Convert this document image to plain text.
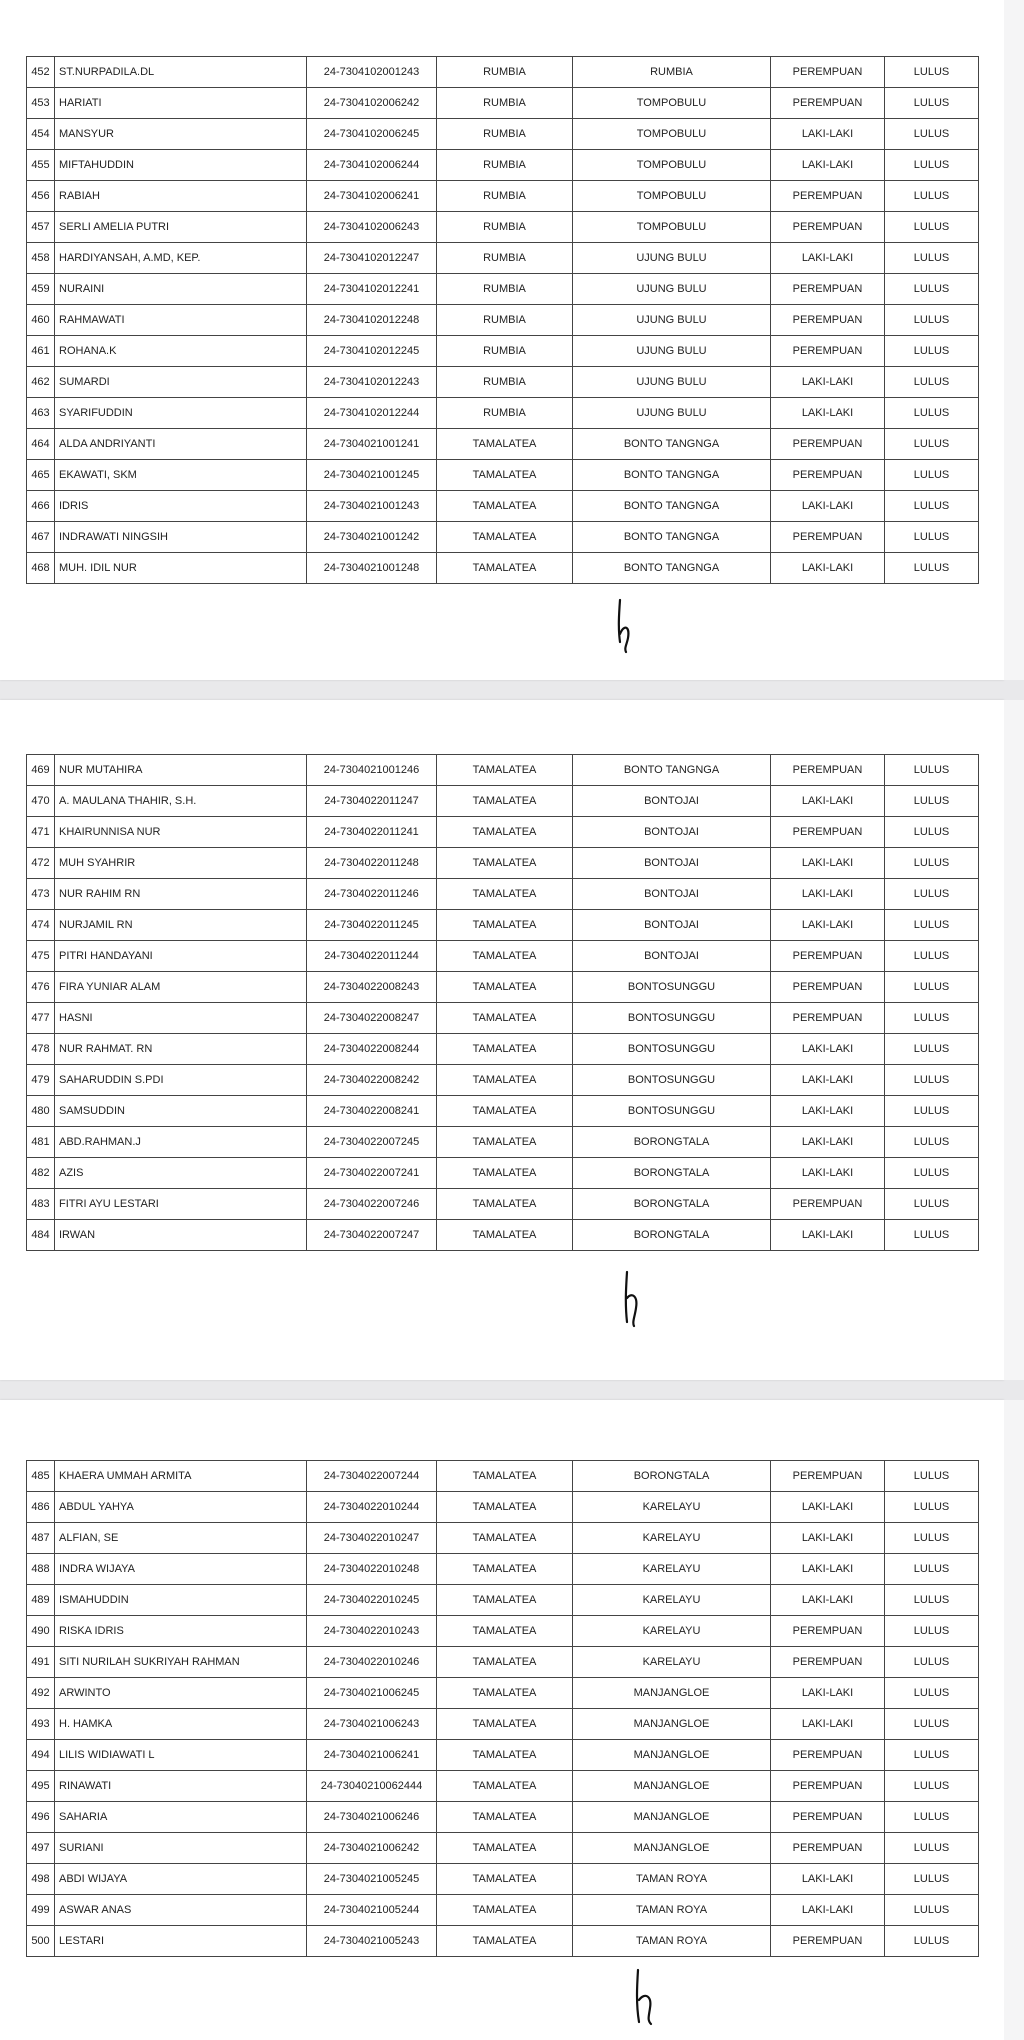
452	ST.NURPADILA.DL	24-7304102001243	RUMBIA	RUMBIA	PEREMPUAN	LULUS
453	HARIATI	24-7304102006242	RUMBIA	TOMPOBULU	PEREMPUAN	LULUS
454	MANSYUR	24-7304102006245	RUMBIA	TOMPOBULU	LAKI-LAKI	LULUS
455	MIFTAHUDDIN	24-7304102006244	RUMBIA	TOMPOBULU	LAKI-LAKI	LULUS
456	RABIAH	24-7304102006241	RUMBIA	TOMPOBULU	PEREMPUAN	LULUS
457	SERLI AMELIA PUTRI	24-7304102006243	RUMBIA	TOMPOBULU	PEREMPUAN	LULUS
458	HARDIYANSAH, A.MD, KEP.	24-7304102012247	RUMBIA	UJUNG BULU	LAKI-LAKI	LULUS
459	NURAINI	24-7304102012241	RUMBIA	UJUNG BULU	PEREMPUAN	LULUS
460	RAHMAWATI	24-7304102012248	RUMBIA	UJUNG BULU	PEREMPUAN	LULUS
461	ROHANA.K	24-7304102012245	RUMBIA	UJUNG BULU	PEREMPUAN	LULUS
462	SUMARDI	24-7304102012243	RUMBIA	UJUNG BULU	LAKI-LAKI	LULUS
463	SYARIFUDDIN	24-7304102012244	RUMBIA	UJUNG BULU	LAKI-LAKI	LULUS
464	ALDA ANDRIYANTI	24-7304021001241	TAMALATEA	BONTO TANGNGA	PEREMPUAN	LULUS
465	EKAWATI, SKM	24-7304021001245	TAMALATEA	BONTO TANGNGA	PEREMPUAN	LULUS
466	IDRIS	24-7304021001243	TAMALATEA	BONTO TANGNGA	LAKI-LAKI	LULUS
467	INDRAWATI NINGSIH	24-7304021001242	TAMALATEA	BONTO TANGNGA	PEREMPUAN	LULUS
468	MUH. IDIL NUR	24-7304021001248	TAMALATEA	BONTO TANGNGA	LAKI-LAKI	LULUS
469	NUR MUTAHIRA	24-7304021001246	TAMALATEA	BONTO TANGNGA	PEREMPUAN	LULUS
470	A. MAULANA THAHIR, S.H.	24-7304022011247	TAMALATEA	BONTOJAI	LAKI-LAKI	LULUS
471	KHAIRUNNISA NUR	24-7304022011241	TAMALATEA	BONTOJAI	PEREMPUAN	LULUS
472	MUH SYAHRIR	24-7304022011248	TAMALATEA	BONTOJAI	LAKI-LAKI	LULUS
473	NUR RAHIM RN	24-7304022011246	TAMALATEA	BONTOJAI	LAKI-LAKI	LULUS
474	NURJAMIL RN	24-7304022011245	TAMALATEA	BONTOJAI	LAKI-LAKI	LULUS
475	PITRI HANDAYANI	24-7304022011244	TAMALATEA	BONTOJAI	PEREMPUAN	LULUS
476	FIRA YUNIAR ALAM	24-7304022008243	TAMALATEA	BONTOSUNGGU	PEREMPUAN	LULUS
477	HASNI	24-7304022008247	TAMALATEA	BONTOSUNGGU	PEREMPUAN	LULUS
478	NUR RAHMAT. RN	24-7304022008244	TAMALATEA	BONTOSUNGGU	LAKI-LAKI	LULUS
479	SAHARUDDIN S.PDI	24-7304022008242	TAMALATEA	BONTOSUNGGU	LAKI-LAKI	LULUS
480	SAMSUDDIN	24-7304022008241	TAMALATEA	BONTOSUNGGU	LAKI-LAKI	LULUS
481	ABD.RAHMAN.J	24-7304022007245	TAMALATEA	BORONGTALA	LAKI-LAKI	LULUS
482	AZIS	24-7304022007241	TAMALATEA	BORONGTALA	LAKI-LAKI	LULUS
483	FITRI AYU LESTARI	24-7304022007246	TAMALATEA	BORONGTALA	PEREMPUAN	LULUS
484	IRWAN	24-7304022007247	TAMALATEA	BORONGTALA	LAKI-LAKI	LULUS
485	KHAERA UMMAH ARMITA	24-7304022007244	TAMALATEA	BORONGTALA	PEREMPUAN	LULUS
486	ABDUL YAHYA	24-7304022010244	TAMALATEA	KARELAYU	LAKI-LAKI	LULUS
487	ALFIAN, SE	24-7304022010247	TAMALATEA	KARELAYU	LAKI-LAKI	LULUS
488	INDRA WIJAYA	24-7304022010248	TAMALATEA	KARELAYU	LAKI-LAKI	LULUS
489	ISMAHUDDIN	24-7304022010245	TAMALATEA	KARELAYU	LAKI-LAKI	LULUS
490	RISKA IDRIS	24-7304022010243	TAMALATEA	KARELAYU	PEREMPUAN	LULUS
491	SITI NURILAH SUKRIYAH RAHMAN	24-7304022010246	TAMALATEA	KARELAYU	PEREMPUAN	LULUS
492	ARWINTO	24-7304021006245	TAMALATEA	MANJANGLOE	LAKI-LAKI	LULUS
493	H. HAMKA	24-7304021006243	TAMALATEA	MANJANGLOE	LAKI-LAKI	LULUS
494	LILIS WIDIAWATI L	24-7304021006241	TAMALATEA	MANJANGLOE	PEREMPUAN	LULUS
495	RINAWATI	24-73040210062444	TAMALATEA	MANJANGLOE	PEREMPUAN	LULUS
496	SAHARIA	24-7304021006246	TAMALATEA	MANJANGLOE	PEREMPUAN	LULUS
497	SURIANI	24-7304021006242	TAMALATEA	MANJANGLOE	PEREMPUAN	LULUS
498	ABDI WIJAYA	24-7304021005245	TAMALATEA	TAMAN ROYA	LAKI-LAKI	LULUS
499	ASWAR ANAS	24-7304021005244	TAMALATEA	TAMAN ROYA	LAKI-LAKI	LULUS
500	LESTARI	24-7304021005243	TAMALATEA	TAMAN ROYA	PEREMPUAN	LULUS
